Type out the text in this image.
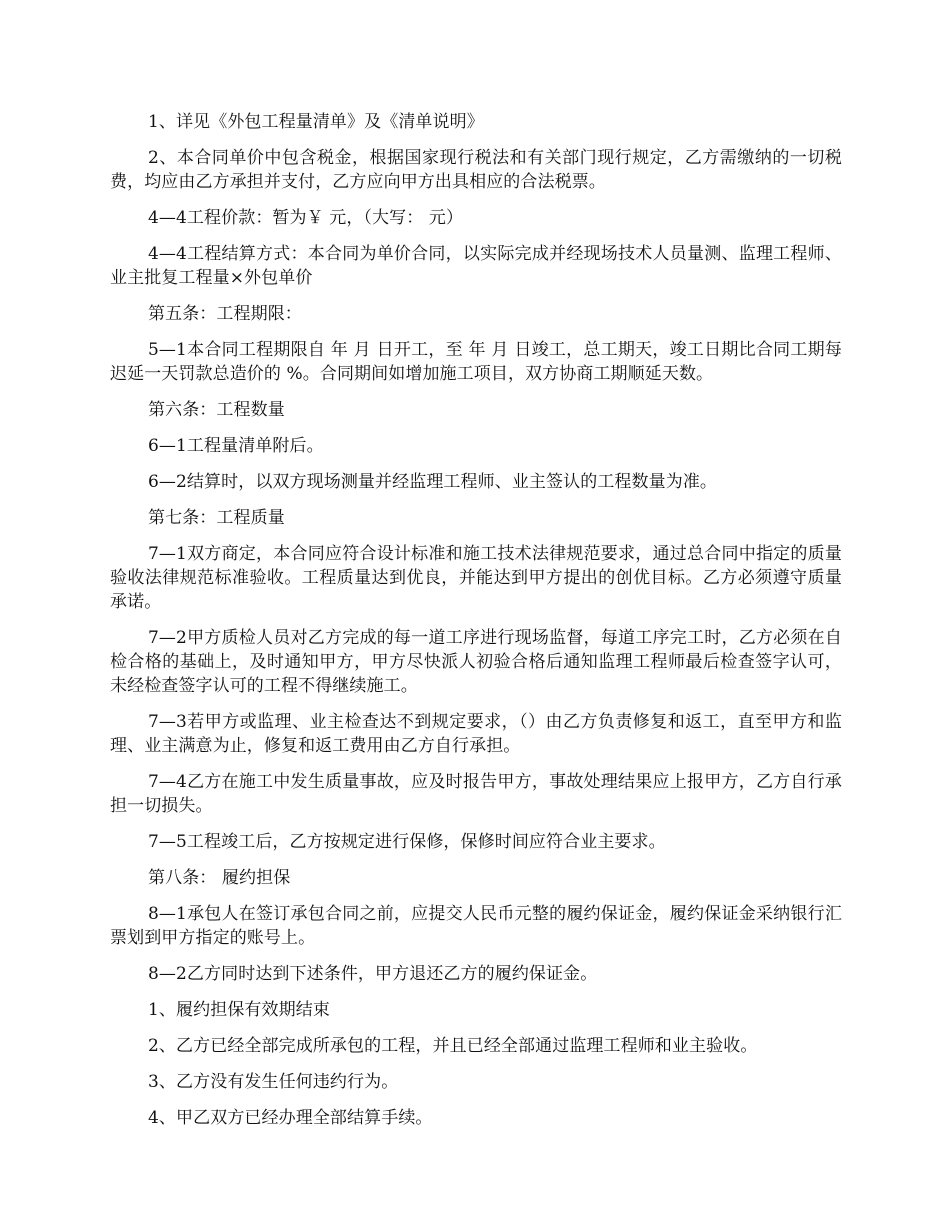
1、详见《外包工程量清单》及《清单说明》

2、本合同单价中包含税金，根据国家现行税法和有关部门现行规定，乙方需缴纳的一切税费，均应由乙方承担并支付，乙方应向甲方出具相应的合法税票。

4—4工程价款：暂为￥ 元，（大写： 元）

4—4工程结算方式：本合同为单价合同，以实际完成并经现场技术人员量测、监理工程师、业主批复工程量×外包单价

第五条：工程期限：

5—1本合同工程期限自 年 月 日开工，至 年 月 日竣工，总工期天，竣工日期比合同工期每迟延一天罚款总造价的 %。合同期间如增加施工项目，双方协商工期顺延天数。

第六条：工程数量

6—1工程量清单附后。

6—2结算时，以双方现场测量并经监理工程师、业主签认的工程数量为准。

第七条：工程质量

7—1双方商定，本合同应符合设计标准和施工技术法律规范要求，通过总合同中指定的质量验收法律规范标准验收。工程质量达到优良，并能达到甲方提出的创优目标。乙方必须遵守质量承诺。

7—2甲方质检人员对乙方完成的每一道工序进行现场监督，每道工序完工时，乙方必须在自检合格的基础上，及时通知甲方，甲方尽快派人初验合格后通知监理工程师最后检查签字认可，未经检查签字认可的工程不得继续施工。

7—3若甲方或监理、业主检查达不到规定要求，（）由乙方负责修复和返工，直至甲方和监理、业主满意为止，修复和返工费用由乙方自行承担。

7—4乙方在施工中发生质量事故，应及时报告甲方，事故处理结果应上报甲方，乙方自行承担一切损失。

7—5工程竣工后，乙方按规定进行保修，保修时间应符合业主要求。

第八条： 履约担保

8—1承包人在签订承包合同之前，应提交人民币元整的履约保证金，履约保证金采纳银行汇票划到甲方指定的账号上。

8—2乙方同时达到下述条件，甲方退还乙方的履约保证金。

1、履约担保有效期结束

2、乙方已经全部完成所承包的工程，并且已经全部通过监理工程师和业主验收。

3、乙方没有发生任何违约行为。

4、甲乙双方已经办理全部结算手续。
